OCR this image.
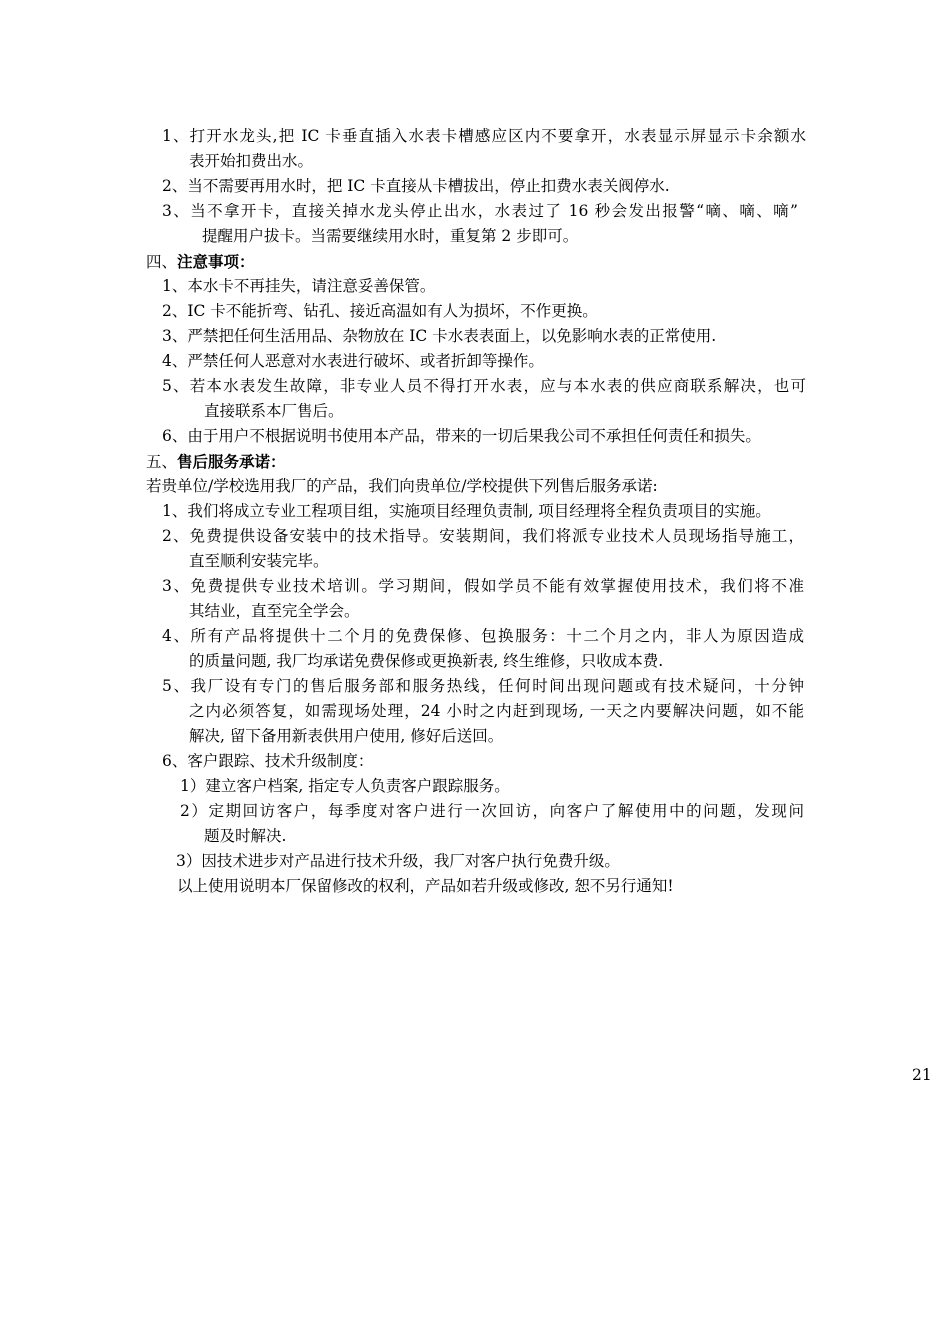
1、打开水龙头,把 IC 卡垂直插入水表卡槽感应区内不要拿开，水表显示屏显示卡余额水
表开始扣费出水。
2、当不需要再用水时，把 IC 卡直接从卡槽拔出，停止扣费水表关阀停水.
3、当不拿开卡，直接关掉水龙头停止出水，水表过了 16 秒会发出报警“嘀、嘀、嘀”
提醒用户拔卡。当需要继续用水时，重复第 2 步即可。
四、注意事项：
1、本水卡不再挂失，请注意妥善保管。
2、IC 卡不能折弯、钻孔、接近高温如有人为损坏，不作更换。
3、严禁把任何生活用品、杂物放在 IC 卡水表表面上，以免影响水表的正常使用.
4、严禁任何人恶意对水表进行破坏、或者折卸等操作。
5、若本水表发生故障，非专业人员不得打开水表，应与本水表的供应商联系解决，也可
直接联系本厂售后。
6、由于用户不根据说明书使用本产品，带来的一切后果我公司不承担任何责任和损失。
五、售后服务承诺：
若贵单位/学校选用我厂的产品，我们向贵单位/学校提供下列售后服务承诺:
1、我们将成立专业工程项目组，实施项目经理负责制, 项目经理将全程负责项目的实施。
2、免费提供设备安装中的技术指导。安装期间，我们将派专业技术人员现场指导施工，
直至顺利安装完毕。
3、免费提供专业技术培训。学习期间，假如学员不能有效掌握使用技术，我们将不准
其结业，直至完全学会。
4、所有产品将提供十二个月的免费保修、包换服务：十二个月之内，非人为原因造成
的质量问题, 我厂均承诺免费保修或更换新表, 终生维修，只收成本费.
5、我厂设有专门的售后服务部和服务热线，任何时间出现问题或有技术疑问，十分钟
之内必须答复，如需现场处理，24 小时之内赶到现场, 一天之内要解决问题，如不能
解决, 留下备用新表供用户使用, 修好后送回。
6、客户跟踪、技术升级制度：
1）建立客户档案, 指定专人负责客户跟踪服务。
2）定期回访客户，每季度对客户进行一次回访，向客户了解使用中的问题，发现问
题及时解决.
3）因技术进步对产品进行技术升级，我厂对客户执行免费升级。
以上使用说明本厂保留修改的权利，产品如若升级或修改, 恕不另行通知!
21
